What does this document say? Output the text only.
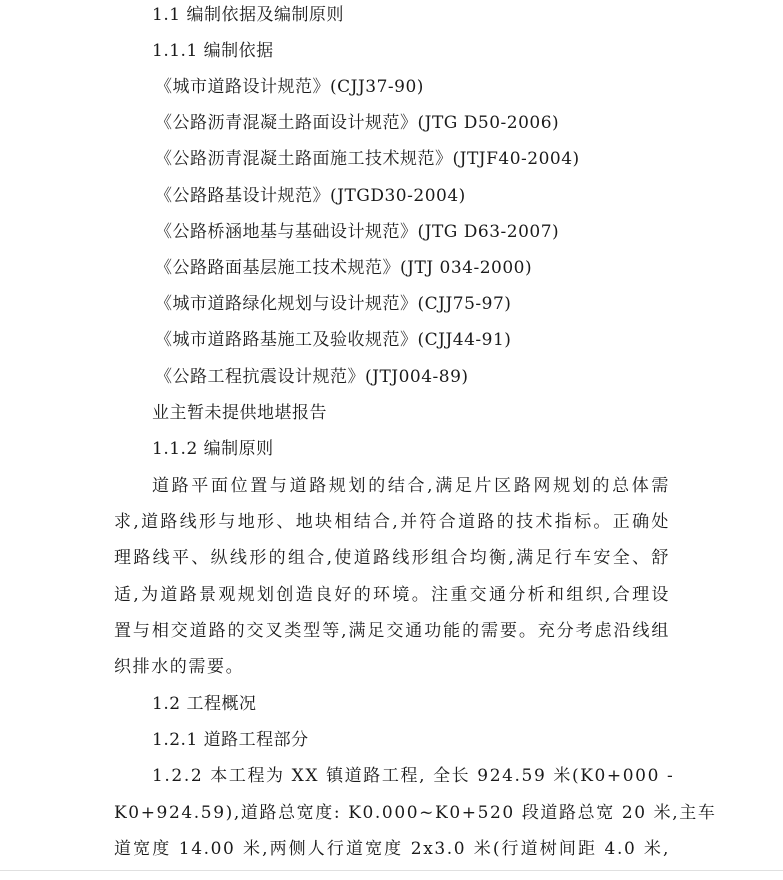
1.1 编制依据及编制原则
1.1.1 编制依据
《城市道路设计规范》(CJJ37-90)
《公路沥青混凝土路面设计规范》(JTG D50-2006)
《公路沥青混凝土路面施工技术规范》(JTJF40-2004)
《公路路基设计规范》(JTGD30-2004)
《公路桥涵地基与基础设计规范》(JTG D63-2007)
《公路路面基层施工技术规范》(JTJ 034-2000)
《城市道路绿化规划与设计规范》(CJJ75-97)
《城市道路路基施工及验收规范》(CJJ44-91)
《公路工程抗震设计规范》(JTJ004-89)
业主暂未提供地堪报告
1.1.2 编制原则
道路平面位置与道路规划的结合,满足片区路网规划的总体需
求,道路线形与地形、地块相结合,并符合道路的技术指标。正确处
理路线平、纵线形的组合,使道路线形组合均衡,满足行车安全、舒
适,为道路景观规划创造良好的环境。注重交通分析和组织,合理设
置与相交道路的交叉类型等,满足交通功能的需要。充分考虑沿线组
织排水的需要。
1.2 工程概况
1.2.1 道路工程部分
1.2.2 本工程为 XX 镇道路工程, 全长 924.59 米(K0+000 -
K0+924.59),道路总宽度: K0.000~K0+520 段道路总宽 20 米,主车
道宽度 14.00 米,两侧人行道宽度 2x3.0 米(行道树间距 4.0 米,
